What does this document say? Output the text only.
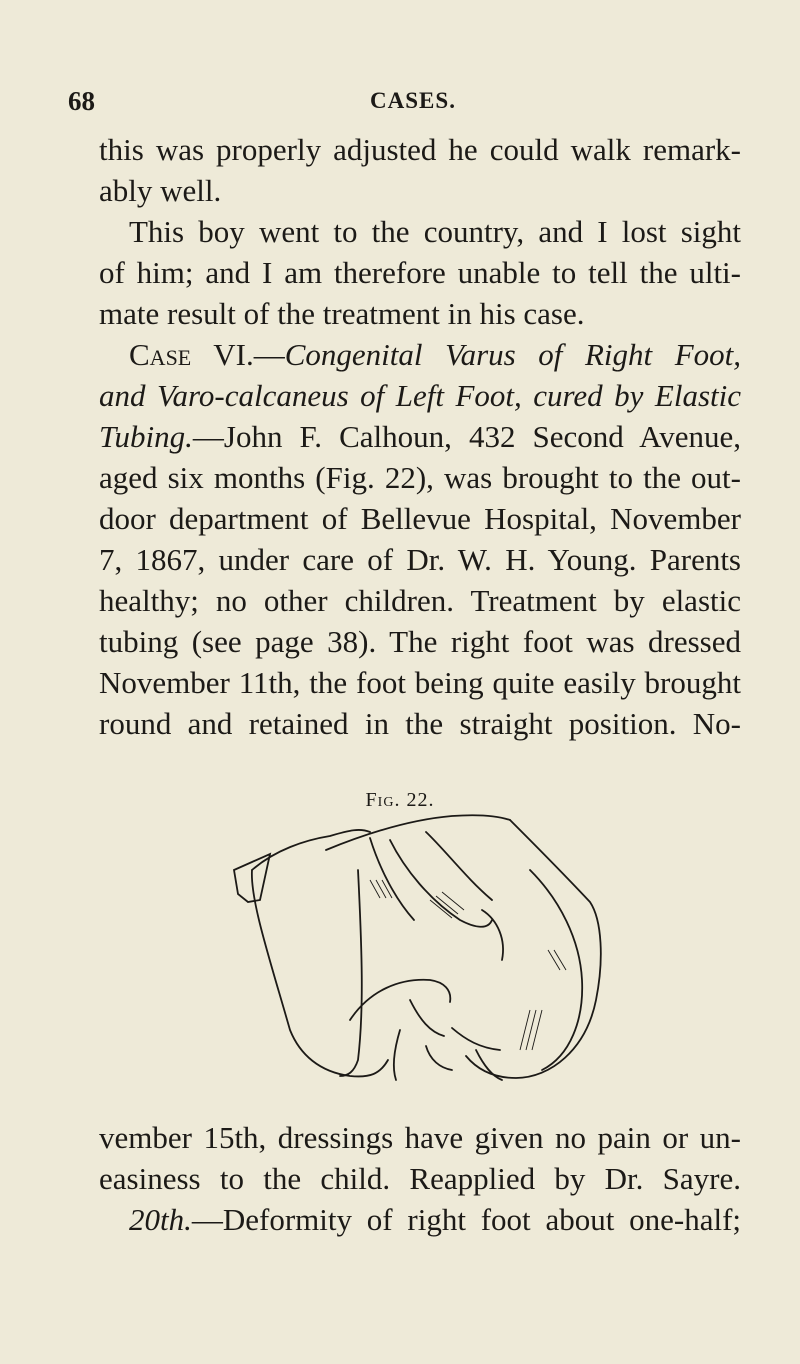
68	CASES.
this was properly adjusted he could walk remark-
ably well.
This boy went to the country, and I lost sight
of him; and I am therefore unable to tell the ulti-
mate result of the treatment in his case.
Case VI.—Congenital Varus of Right Foot,
and Varo-calcaneus of Left Foot, cured by Elastic
Tubing.—John F. Calhoun, 432 Second Avenue,
aged six months (Fig. 22), was brought to the out-
door department of Bellevue Hospital, November
7, 1867, under care of Dr. W. H. Young. Parents
healthy; no other children. Treatment by elastic
tubing (see page 38). The right foot was dressed
November 11th, the foot being quite easily brought
round and retained in the straight position. No-
Fig. 22.
vember 15th, dressings have given no pain or un-
easiness to the child. Reapplied by Dr. Sayre.
20th.—Deformity of right foot about one-half;
